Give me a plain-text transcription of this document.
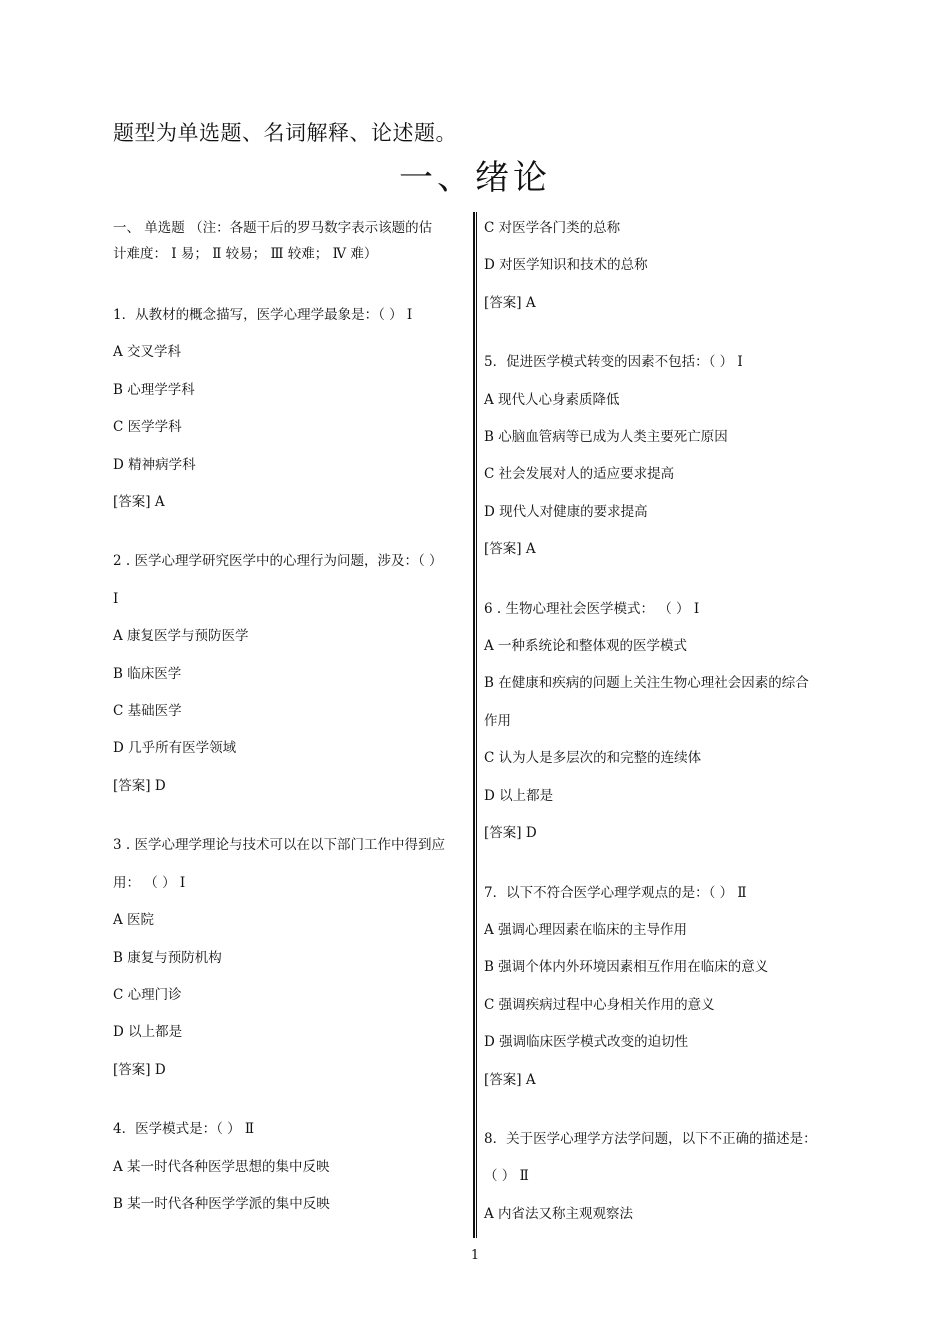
题型为单选题、名词解释、论述题。
一、绪论
一、 单选题 （注：各题干后的罗马数字表示该题的估
计难度： Ⅰ 易； Ⅱ 较易； Ⅲ 较难； Ⅳ 难）
1．从教材的概念描写，医学心理学最象是：（ ） Ⅰ
A 交叉学科
B 心理学学科
C 医学学科
D 精神病学科
[答案] A
2 . 医学心理学研究医学中的心理行为问题，涉及：（ ）
Ⅰ
A 康复医学与预防医学
B 临床医学
C 基础医学
D 几乎所有医学领域
[答案] D
3 . 医学心理学理论与技术可以在以下部门工作中得到应
用： （ ） Ⅰ
A 医院
B 康复与预防机构
C 心理门诊
D 以上都是
[答案] D
4．医学模式是：（ ） Ⅱ
A 某一时代各种医学思想的集中反映
B 某一时代各种医学学派的集中反映
C 对医学各门类的总称
D 对医学知识和技术的总称
[答案] A
5．促进医学模式转变的因素不包括：（ ） Ⅰ
A 现代人心身素质降低
B 心脑血管病等已成为人类主要死亡原因
C 社会发展对人的适应要求提高
D 现代人对健康的要求提高
[答案] A
6 . 生物心理社会医学模式： （ ） Ⅰ
A 一种系统论和整体观的医学模式
B 在健康和疾病的问题上关注生物心理社会因素的综合
作用
C 认为人是多层次的和完整的连续体
D 以上都是
[答案] D
7．以下不符合医学心理学观点的是：（ ） Ⅱ
A 强调心理因素在临床的主导作用
B 强调个体内外环境因素相互作用在临床的意义
C 强调疾病过程中心身相关作用的意义
D 强调临床医学模式改变的迫切性
[答案] A
8．关于医学心理学方法学问题，以下不正确的描述是：
（ ） Ⅱ
A 内省法又称主观观察法
1
